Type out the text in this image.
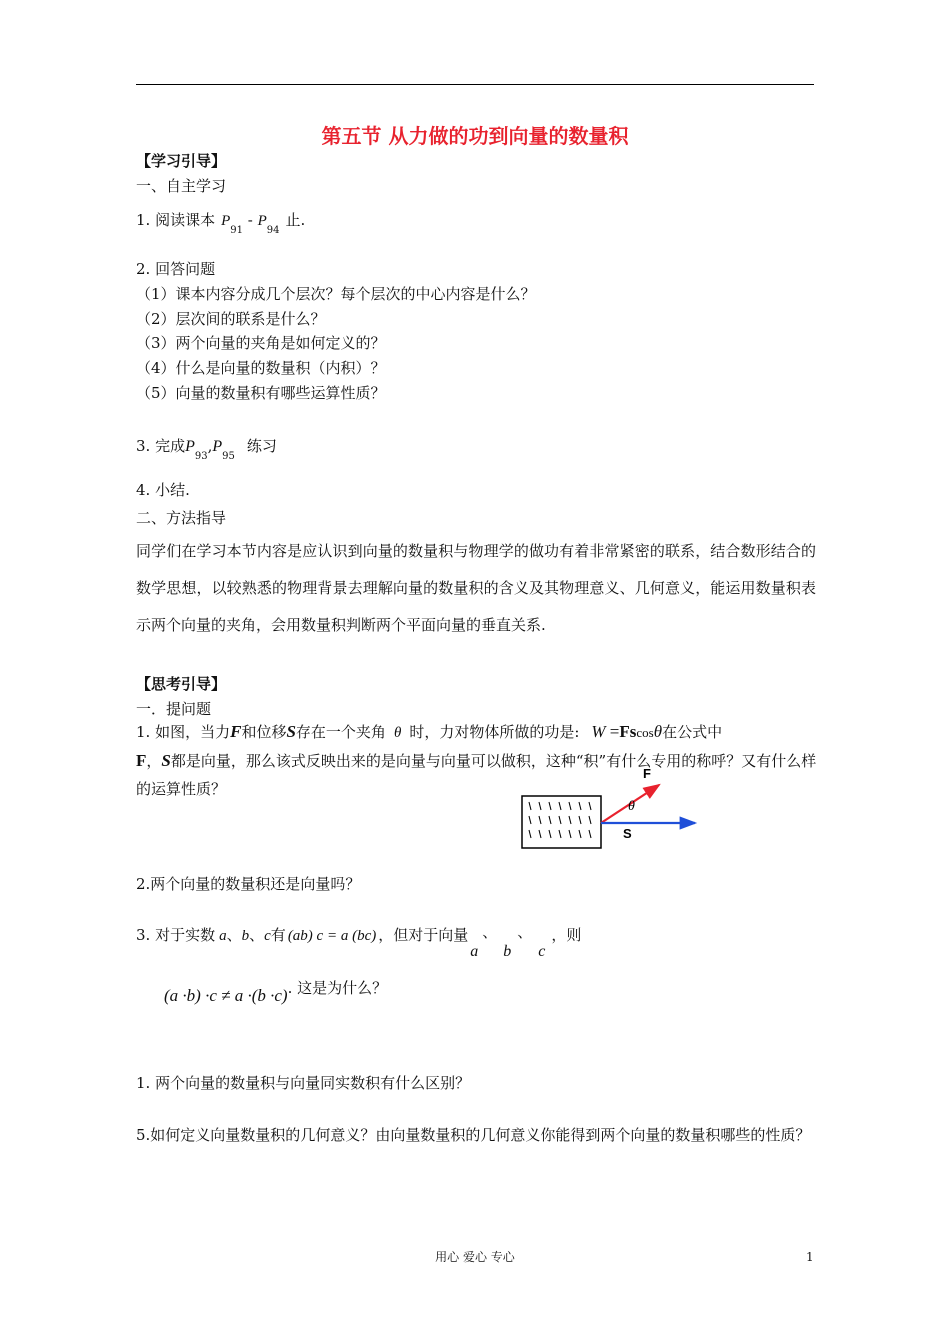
第五节 从力做的功到向量的数量积
【学习引导】
一、自主学习
1. 阅读课本 $P_{91} - P_{94}$止.
2. 回答问题
（1）课本内容分成几个层次？每个层次的中心内容是什么？
（2）层次间的联系是什么？
（3）两个向量的夹角是如何定义的？
（4）什么是向量的数量积（内积）？
（5）向量的数量积有哪些运算性质？
3. 完成$P_{93},P_{95}$练习
4. 小结.
二、方法指导
同学们在学习本节内容是应认识到向量的数量积与物理学的做功有着非常紧密的联系，结合数形结合的数学思想，以较熟悉的物理背景去理解向量的数量积的含义及其物理意义、几何意义，能运用数量积表示两个向量的夹角，会用数量积判断两个平面向量的垂直关系.
【思考引导】
一．提问题
1. 如图，当力F和位移S存在一个夹角 θ 时，力对物体所做的功是: W =Fscosθ在公式中
F，S都是向量，那么该式反映出来的是向量与向量可以做积，这种“积”有什么专用的称呼？又有什么样的运算性质？
F
θ
S
2.两个向量的数量积还是向量吗？
3. 对于实数 a、b、c有 (ab) c = a (bc) ，但对于向量a、b、c，则
(a ·b) ·c ≠ a ·(b ·c). 这是为什么？
1. 两个向量的数量积与向量同实数积有什么区别？
5.如何定义向量数量积的几何意义？由向量数量积的几何意义你能得到两个向量的数量积哪些的性质？
用心 爱心 专心	1
